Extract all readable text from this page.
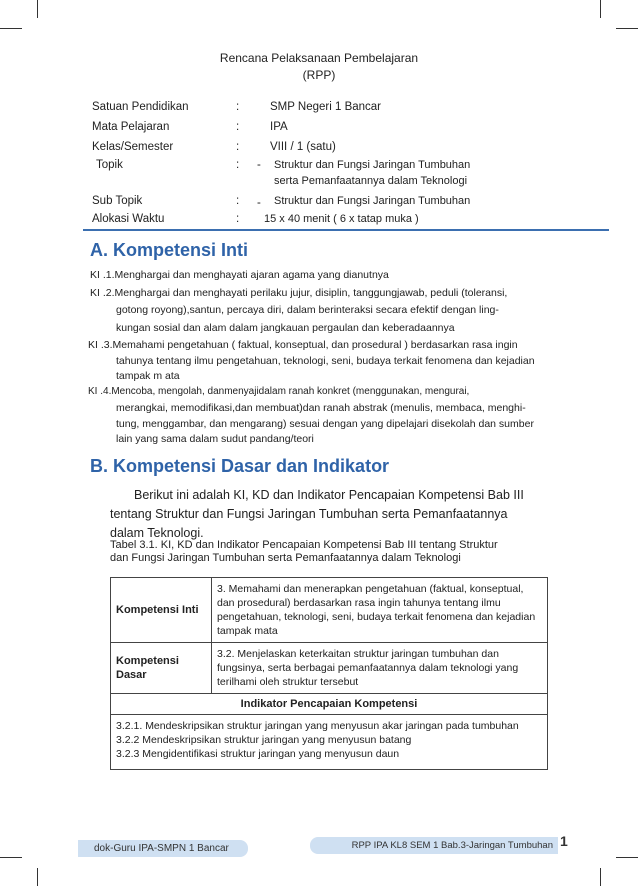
Rencana Pelaksanaan Pembelajaran
(RPP)
Satuan Pendidikan	:	SMP Negeri 1 Bancar
Mata Pelajaran	:	IPA
Kelas/Semester	:	VIII / 1 (satu)
Topik	: - Struktur dan Fungsi Jaringan Tumbuhan
serta Pemanfaatannya dalam Teknologi
Sub Topik	: - Struktur dan Fungsi Jaringan Tumbuhan
Alokasi Waktu	: 15 x 40 menit ( 6 x tatap muka )
A. Kompetensi Inti
KI .1.Menghargai dan menghayati ajaran agama yang dianutnya
KI .2.Menghargai dan menghayati perilaku jujur, disiplin, tanggungjawab, peduli (toleransi,
gotong royong),santun, percaya diri, dalam berinteraksi secara efektif dengan ling-
kungan sosial dan alam dalam jangkauan pergaulan dan keberadaannya
KI .3.Memahami pengetahuan ( faktual, konseptual, dan prosedural ) berdasarkan rasa ingin
tahunya tentang ilmu pengetahuan, teknologi, seni, budaya terkait fenomena dan kejadian
tampak m ata
KI .4.Mencoba, mengolah, danmenyajidalam ranah konkret (menggunakan, mengurai,
merangkai, memodifikasi,dan membuat)dan ranah abstrak (menulis, membaca, menghi-
tung, menggambar, dan mengarang) sesuai dengan yang dipelajari disekolah dan sumber
lain yang sama dalam sudut pandang/teori
B. Kompetensi Dasar dan Indikator
Berikut ini adalah KI, KD dan Indikator Pencapaian Kompetensi Bab III
tentang Struktur dan Fungsi Jaringan Tumbuhan serta Pemanfaatannya
dalam Teknologi.
Tabel 3.1. KI, KD dan Indikator Pencapaian Kompetensi Bab III tentang Struktur
dan Fungsi Jaringan Tumbuhan serta Pemanfaatannya dalam Teknologi
Kompetensi Inti	3. Memahami dan menerapkan pengetahuan (faktual, konseptual, dan prosedural) berdasarkan rasa ingin tahunya tentang ilmu pengetahuan, teknologi, seni, budaya terkait fenomena dan kejadian tampak mata
Kompetensi Dasar	3.2. Menjelaskan keterkaitan struktur jaringan tumbuhan dan fungsinya, serta berbagai pemanfaatannya dalam teknologi yang terilhami oleh struktur tersebut
Indikator Pencapaian Kompetensi	

3.2.1. Mendeskripsikan struktur jaringan yang menyusun akar jaringan pada tumbuhan
3.2.2 Mendeskripsikan struktur jaringan yang menyusun batang
3.2.3 Mengidentifikasi struktur jaringan yang menyusun daun	
dok-Guru IPA-SMPN 1 Bancar	RPP IPA KL8 SEM 1 Bab.3-Jaringan Tumbuhan 1
